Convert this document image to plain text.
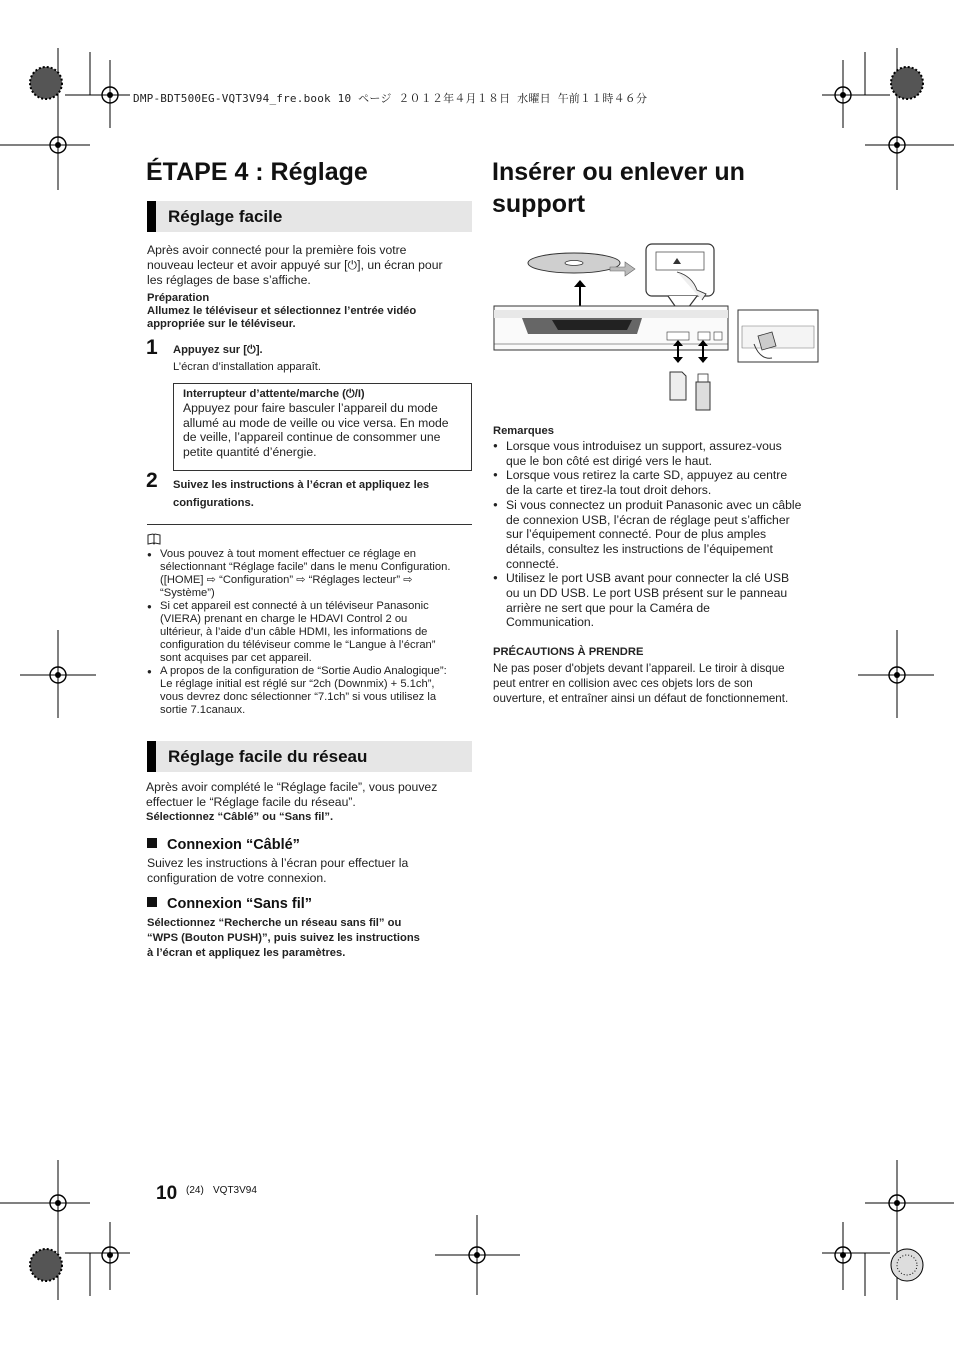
DMP-BDT500EG-VQT3V94_fre.book 10 ページ ２０１２年４月１８日 水曜日 午前１１時４６分
ÉTAPE 4 : Réglage
Réglage facile
Après avoir connecté pour la première fois votre
nouveau lecteur et avoir appuyé sur [⏻], un écran pour
les réglages de base s’affiche.
Préparation
Allumez le téléviseur et sélectionnez l’entrée vidéo
appropriée sur le téléviseur.
1 Appuyez sur [⏻].
L’écran d’installation apparaît.
Interrupteur d’attente/marche (⏻/I)
Appuyez pour faire basculer l’appareil du mode
allumé au mode de veille ou vice versa. En mode
de veille, l’appareil continue de consommer une
petite quantité d’énergie.
2 Suivez les instructions à l’écran et appliquez les
configurations.
● Vous pouvez à tout moment effectuer ce réglage en
sélectionnant “Réglage facile” dans le menu Configuration.
([HOME] ⇨ “Configuration” ⇨ “Réglages lecteur” ⇨
“Système”)
● Si cet appareil est connecté à un téléviseur Panasonic
(VIERA) prenant en charge le HDAVI Control 2 ou
ultérieur, à l’aide d’un câble HDMI, les informations de
configuration du téléviseur comme le “Langue à l’écran”
sont acquises par cet appareil.
● A propos de la configuration de “Sortie Audio Analogique”:
Le réglage initial est réglé sur “2ch (Downmix) + 5.1ch”,
vous devrez donc sélectionner “7.1ch” si vous utilisez la
sortie 7.1canaux.
Réglage facile du réseau
Après avoir complété le “Réglage facile”, vous pouvez
effectuer le “Réglage facile du réseau”.
Sélectionnez “Câblé” ou “Sans fil”.
Connexion “Câblé”
Suivez les instructions à l’écran pour effectuer la
configuration de votre connexion.
Connexion “Sans fil”
Sélectionnez “Recherche un réseau sans fil” ou
“WPS (Bouton PUSH)”, puis suivez les instructions
à l’écran et appliquez les paramètres.
Insérer ou enlever un
support
Remarques
● Lorsque vous introduisez un support, assurez-vous
que le bon côté est dirigé vers le haut.
● Lorsque vous retirez la carte SD, appuyez au centre
de la carte et tirez-la tout droit dehors.
● Si vous connectez un produit Panasonic avec un câble
de connexion USB, l’écran de réglage peut s’afficher
sur l’équipement connecté. Pour de plus amples
détails, consultez les instructions de l’équipement
connecté.
● Utilisez le port USB avant pour connecter la clé USB
ou un DD USB. Le port USB présent sur le panneau
arrière ne sert que pour la Caméra de
Communication.
PRÉCAUTIONS À PRENDRE
Ne pas poser d'objets devant l’appareil. Le tiroir à disque
peut entrer en collision avec ces objets lors de son
ouverture, et entraîner ainsi un défaut de fonctionnement.
10 (24) VQT3V94
